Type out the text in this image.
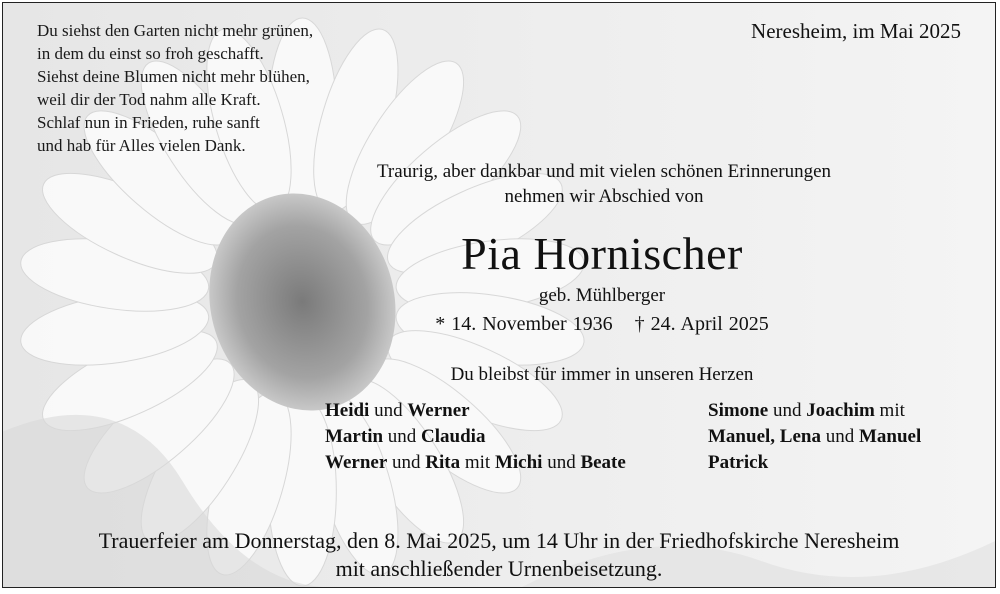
Du siehst den Garten nicht mehr grünen,
in dem du einst so froh geschafft.
Siehst deine Blumen nicht mehr blühen,
weil dir der Tod nahm alle Kraft.
Schlaf nun in Frieden, ruhe sanft
und hab für Alles vielen Dank.
Neresheim, im Mai 2025
Traurig, aber dankbar und mit vielen schönen Erinnerungen
nehmen wir Abschied von
Pia Hornischer
geb. Mühlberger
* 14. November 1936 † 24. April 2025
Du bleibst für immer in unseren Herzen
Heidi und Werner
Martin und Claudia
Werner und Rita mit Michi und Beate
Simone und Joachim mit
Manuel, Lena und Manuel
Patrick
Trauerfeier am Donnerstag, den 8. Mai 2025, um 14 Uhr in der Friedhofskirche Neresheim
mit anschließender Urnenbeisetzung.
